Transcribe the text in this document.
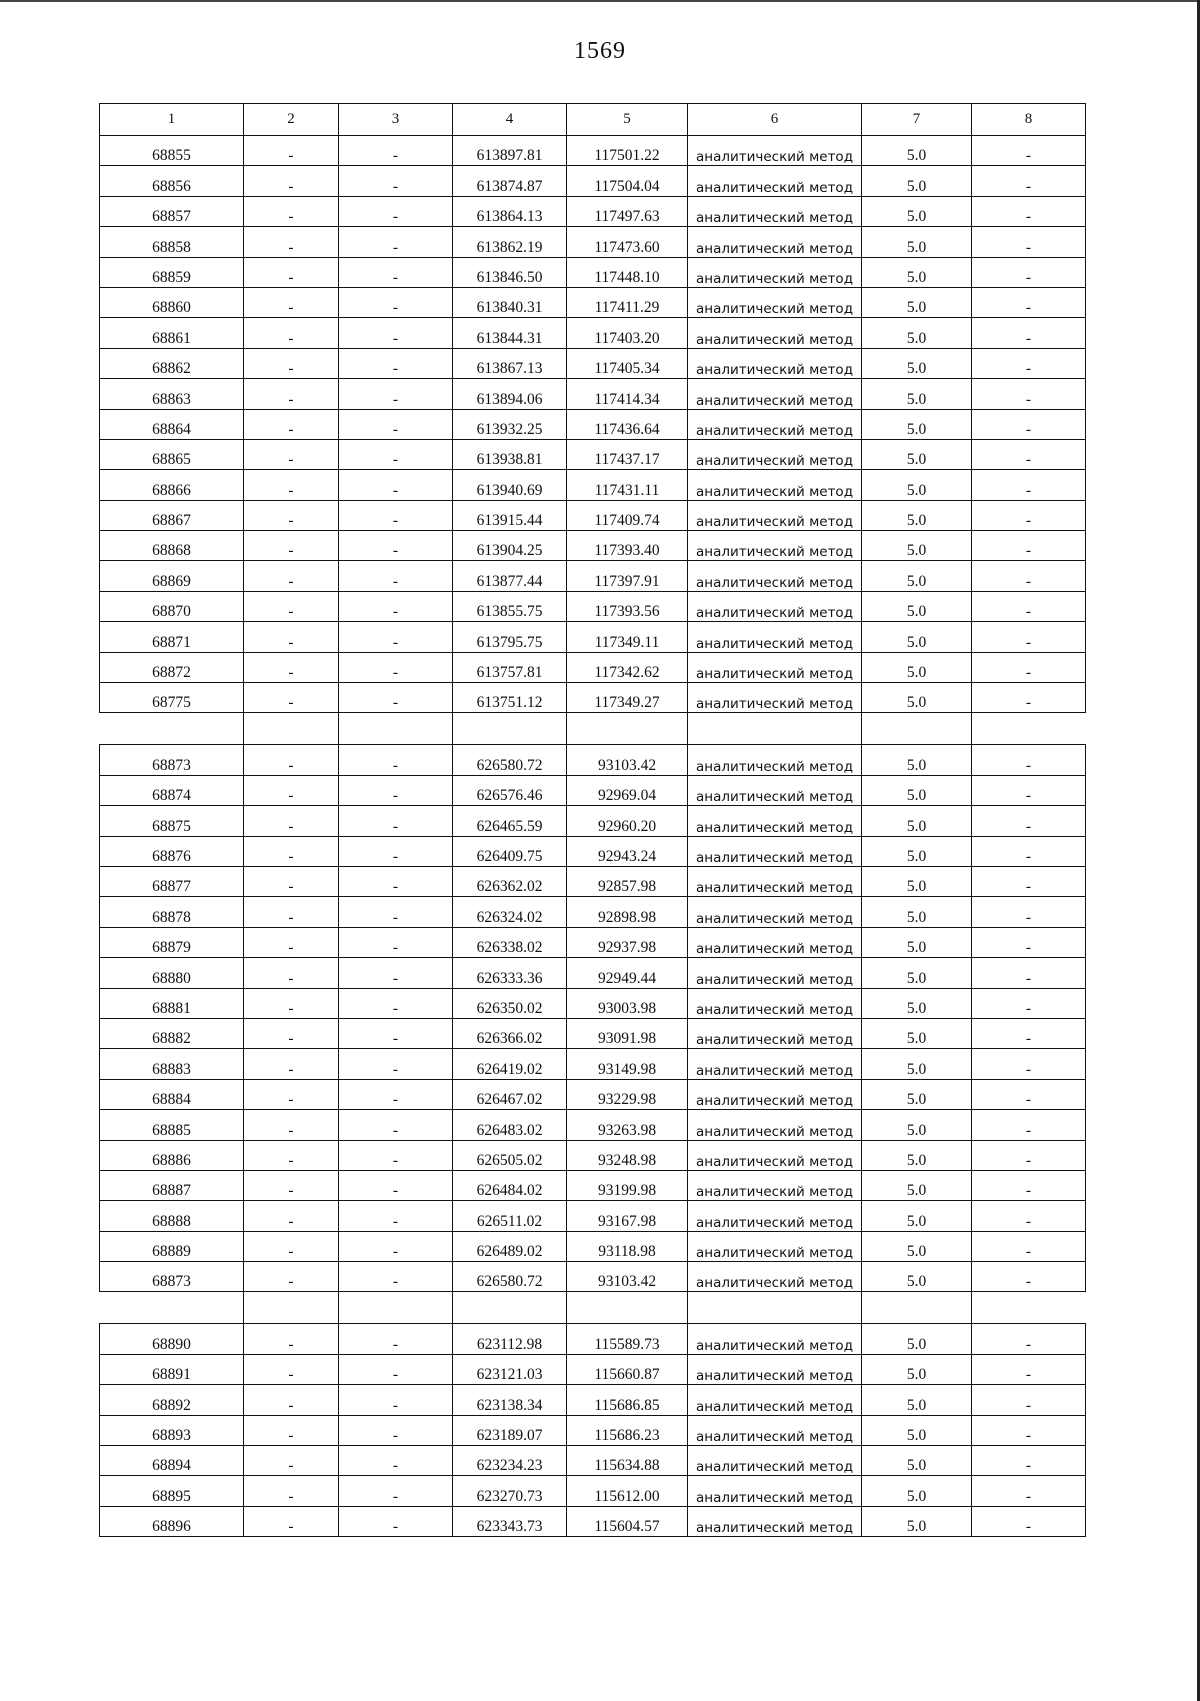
1569
1	2	3	4	5	6	7	8
68855	-	-	613897.81	117501.22	аналитический метод	5.0	-
68856	-	-	613874.87	117504.04	аналитический метод	5.0	-
68857	-	-	613864.13	117497.63	аналитический метод	5.0	-
68858	-	-	613862.19	117473.60	аналитический метод	5.0	-
68859	-	-	613846.50	117448.10	аналитический метод	5.0	-
68860	-	-	613840.31	117411.29	аналитический метод	5.0	-
68861	-	-	613844.31	117403.20	аналитический метод	5.0	-
68862	-	-	613867.13	117405.34	аналитический метод	5.0	-
68863	-	-	613894.06	117414.34	аналитический метод	5.0	-
68864	-	-	613932.25	117436.64	аналитический метод	5.0	-
68865	-	-	613938.81	117437.17	аналитический метод	5.0	-
68866	-	-	613940.69	117431.11	аналитический метод	5.0	-
68867	-	-	613915.44	117409.74	аналитический метод	5.0	-
68868	-	-	613904.25	117393.40	аналитический метод	5.0	-
68869	-	-	613877.44	117397.91	аналитический метод	5.0	-
68870	-	-	613855.75	117393.56	аналитический метод	5.0	-
68871	-	-	613795.75	117349.11	аналитический метод	5.0	-
68872	-	-	613757.81	117342.62	аналитический метод	5.0	-
68775	-	-	613751.12	117349.27	аналитический метод	5.0	-

68873	-	-	626580.72	93103.42	аналитический метод	5.0	-
68874	-	-	626576.46	92969.04	аналитический метод	5.0	-
68875	-	-	626465.59	92960.20	аналитический метод	5.0	-
68876	-	-	626409.75	92943.24	аналитический метод	5.0	-
68877	-	-	626362.02	92857.98	аналитический метод	5.0	-
68878	-	-	626324.02	92898.98	аналитический метод	5.0	-
68879	-	-	626338.02	92937.98	аналитический метод	5.0	-
68880	-	-	626333.36	92949.44	аналитический метод	5.0	-
68881	-	-	626350.02	93003.98	аналитический метод	5.0	-
68882	-	-	626366.02	93091.98	аналитический метод	5.0	-
68883	-	-	626419.02	93149.98	аналитический метод	5.0	-
68884	-	-	626467.02	93229.98	аналитический метод	5.0	-
68885	-	-	626483.02	93263.98	аналитический метод	5.0	-
68886	-	-	626505.02	93248.98	аналитический метод	5.0	-
68887	-	-	626484.02	93199.98	аналитический метод	5.0	-
68888	-	-	626511.02	93167.98	аналитический метод	5.0	-
68889	-	-	626489.02	93118.98	аналитический метод	5.0	-
68873	-	-	626580.72	93103.42	аналитический метод	5.0	-

68890	-	-	623112.98	115589.73	аналитический метод	5.0	-
68891	-	-	623121.03	115660.87	аналитический метод	5.0	-
68892	-	-	623138.34	115686.85	аналитический метод	5.0	-
68893	-	-	623189.07	115686.23	аналитический метод	5.0	-
68894	-	-	623234.23	115634.88	аналитический метод	5.0	-
68895	-	-	623270.73	115612.00	аналитический метод	5.0	-
68896	-	-	623343.73	115604.57	аналитический метод	5.0	-
